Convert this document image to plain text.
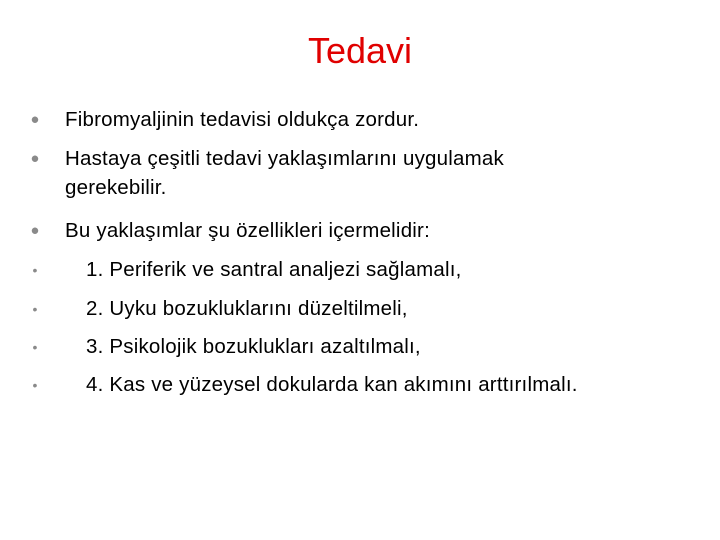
Tedavi
● Fibromyaljinin tedavisi oldukça zordur.
● Hastaya çeşitli tedavi yaklaşımlarını uygulamak
gerekebilir.
● Bu yaklaşımlar şu özellikleri içermelidir:
• 1. Periferik ve santral analjezi sağlamalı,
• 2. Uyku bozukluklarını düzeltilmeli,
• 3. Psikolojik bozuklukları azaltılmalı,
• 4. Kas ve yüzeysel dokularda kan akımını arttırılmalı.
